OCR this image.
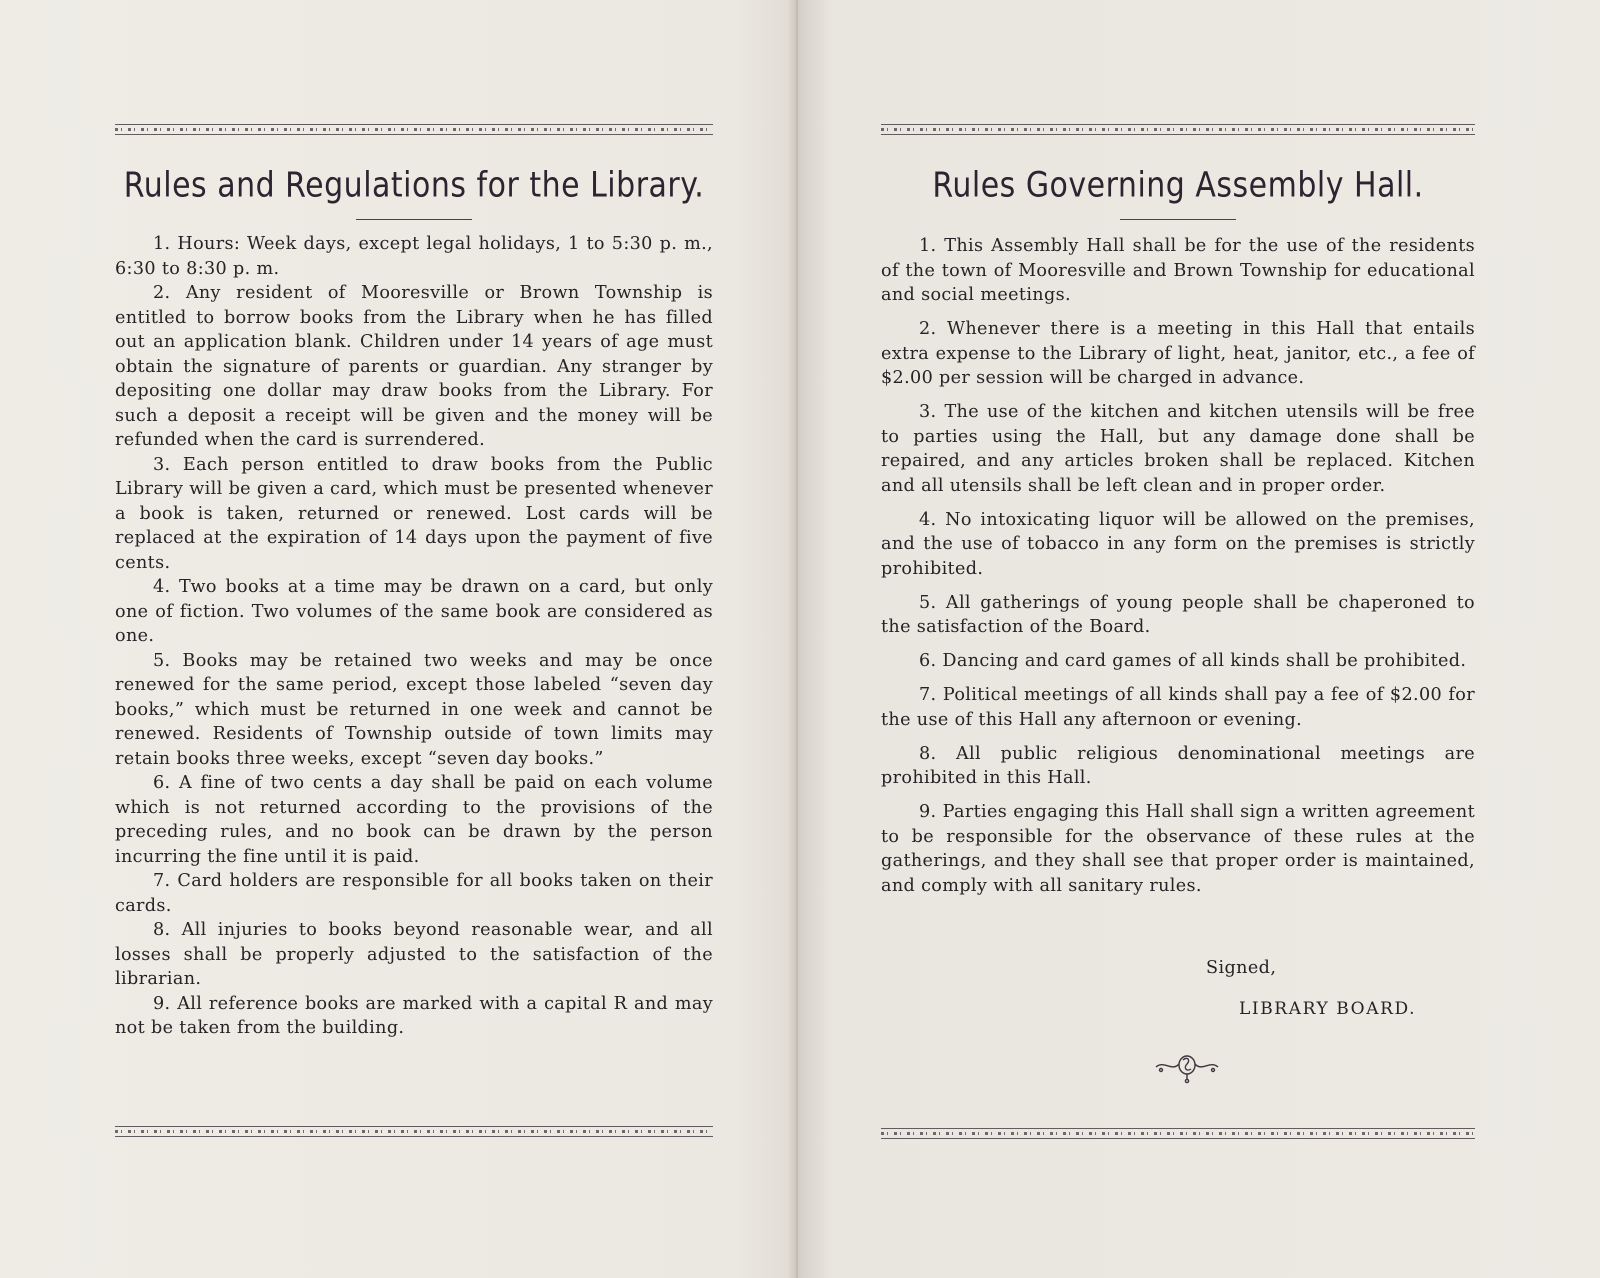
Rules and Regulations for the Library.
1. Hours: Week days, except legal holidays, 1 to 5:30 p. m., 6:30 to 8:30 p. m.
2. Any resident of Mooresville or Brown Township is entitled to borrow books from the Library when he has filled out an application blank. Children under 14 years of age must obtain the signature of parents or guardian. Any stranger by depositing one dollar may draw books from the Library. For such a deposit a receipt will be given and the money will be refunded when the card is surrendered.
3. Each person entitled to draw books from the Public Library will be given a card, which must be presented whenever a book is taken, returned or renewed. Lost cards will be replaced at the expiration of 14 days upon the payment of five cents.
4. Two books at a time may be drawn on a card, but only one of fiction. Two volumes of the same book are considered as one.
5. Books may be retained two weeks and may be once renewed for the same period, except those labeled “seven day books,” which must be returned in one week and cannot be renewed. Residents of Township outside of town limits may retain books three weeks, except “seven day books.”
6. A fine of two cents a day shall be paid on each volume which is not returned according to the provisions of the preceding rules, and no book can be drawn by the person incurring the fine until it is paid.
7. Card holders are responsible for all books taken on their cards.
8. All injuries to books beyond reasonable wear, and all losses shall be properly adjusted to the satisfaction of the librarian.
9. All reference books are marked with a capital R and may not be taken from the building.
Rules Governing Assembly Hall.
1. This Assembly Hall shall be for the use of the residents of the town of Mooresville and Brown Township for educational and social meetings.
2. Whenever there is a meeting in this Hall that entails extra expense to the Library of light, heat, janitor, etc., a fee of $2.00 per session will be charged in advance.
3. The use of the kitchen and kitchen utensils will be free to parties using the Hall, but any damage done shall be repaired, and any articles broken shall be replaced. Kitchen and all utensils shall be left clean and in proper order.
4. No intoxicating liquor will be allowed on the premises, and the use of tobacco in any form on the premises is strictly prohibited.
5. All gatherings of young people shall be chaperoned to the satisfaction of the Board.
6. Dancing and card games of all kinds shall be prohibited.
7. Political meetings of all kinds shall pay a fee of $2.00 for the use of this Hall any afternoon or evening.
8. All public religious denominational meetings are prohibited in this Hall.
9. Parties engaging this Hall shall sign a written agreement to be responsible for the observance of these rules at the gatherings, and they shall see that proper order is maintained, and comply with all sanitary rules.
Signed,
LIBRARY BOARD.
